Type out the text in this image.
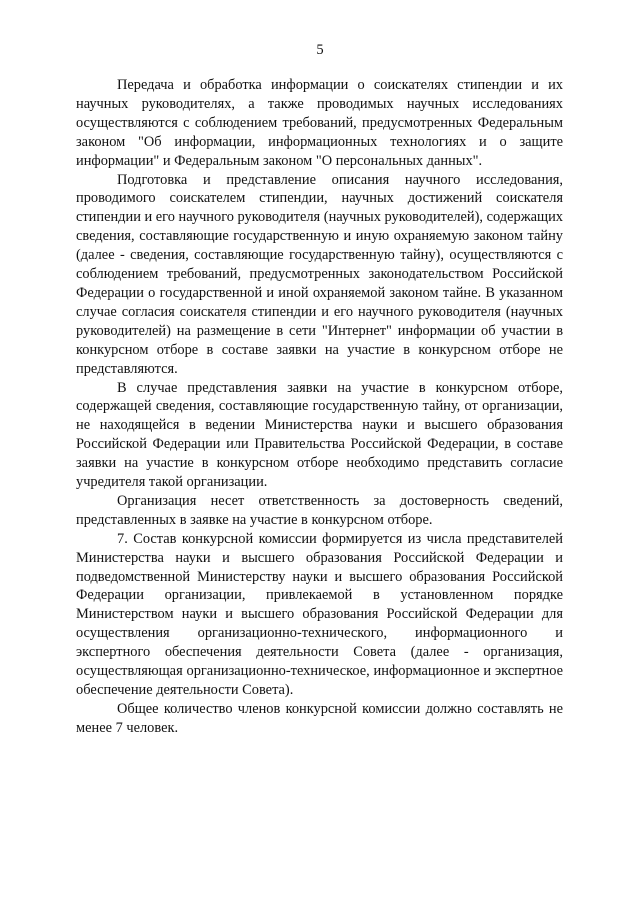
5

Передача и обработка информации о соискателях стипендии и их научных руководителях, а также проводимых научных исследованиях осуществляются с соблюдением требований, предусмотренных Федеральным законом "Об информации, информационных технологиях и о защите информации" и Федеральным законом "О персональных данных".

Подготовка и представление описания научного исследования, проводимого соискателем стипендии, научных достижений соискателя стипендии и его научного руководителя (научных руководителей), содержащих сведения, составляющие государственную и иную охраняемую законом тайну (далее - сведения, составляющие государственную тайну), осуществляются с соблюдением требований, предусмотренных законодательством Российской Федерации о государственной и иной охраняемой законом тайне. В указанном случае согласия соискателя стипендии и его научного руководителя (научных руководителей) на размещение в сети "Интернет" информации об участии в конкурсном отборе в составе заявки на участие в конкурсном отборе не представляются.

В случае представления заявки на участие в конкурсном отборе, содержащей сведения, составляющие государственную тайну, от организации, не находящейся в ведении Министерства науки и высшего образования Российской Федерации или Правительства Российской Федерации, в составе заявки на участие в конкурсном отборе необходимо представить согласие учредителя такой организации.

Организация несет ответственность за достоверность сведений, представленных в заявке на участие в конкурсном отборе.

7. Состав конкурсной комиссии формируется из числа представителей Министерства науки и высшего образования Российской Федерации и подведомственной Министерству науки и высшего образования Российской Федерации организации, привлекаемой в установленном порядке Министерством науки и высшего образования Российской Федерации для осуществления организационно-технического, информационного и экспертного обеспечения деятельности Совета (далее - организация, осуществляющая организационно-техническое, информационное и экспертное обеспечение деятельности Совета).

Общее количество членов конкурсной комиссии должно составлять не менее 7 человек.
